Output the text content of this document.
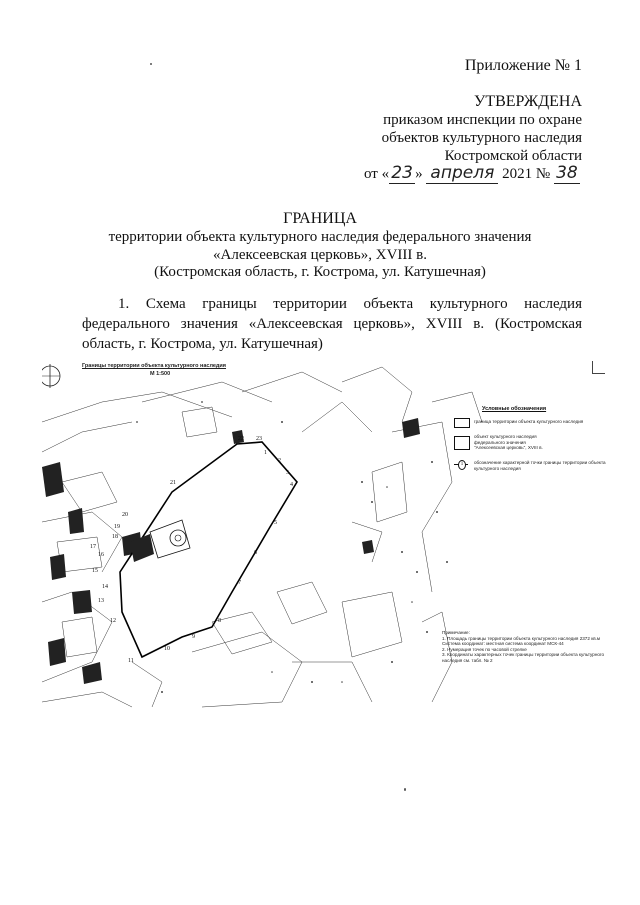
Приложение № 1
УТВЕРЖДЕНА
приказом инспекции по охране
объектов культурного наследия
Костромской области
от « 23 » апреля 2021 № 38
ГРАНИЦА
территории объекта культурного наследия федерального значения
«Алексеевская церковь», XVIII в.
(Костромская область, г. Кострома, ул. Катушечная)
1. Схема границы территории объекта культурного наследия федерального значения «Алексеевская церковь», XVIII в. (Костромская область, г. Кострома, ул. Катушечная)
4
5
6
7
8
9
10
11
12
13
14
15
16
17
18
19
20
21
22 23
1
2
3
Границы территории объекта культурного наследия
М 1:500
Условные обозначения
граница территории объекта культурного наследия
объект культурного наследия федерального значения "Алексеевская церковь", XVIII в.
1	обозначение характерной точки границы территории объекта культурного наследия
Примечание:
1. Площадь границы территории объекта культурного наследия 2372 кв.м
Система координат: местная система координат МСК-44
2. Нумерация точек по часовой стрелке
3. Координаты характерных точек границы территории объекта культурного наследия см. табл. № 2
